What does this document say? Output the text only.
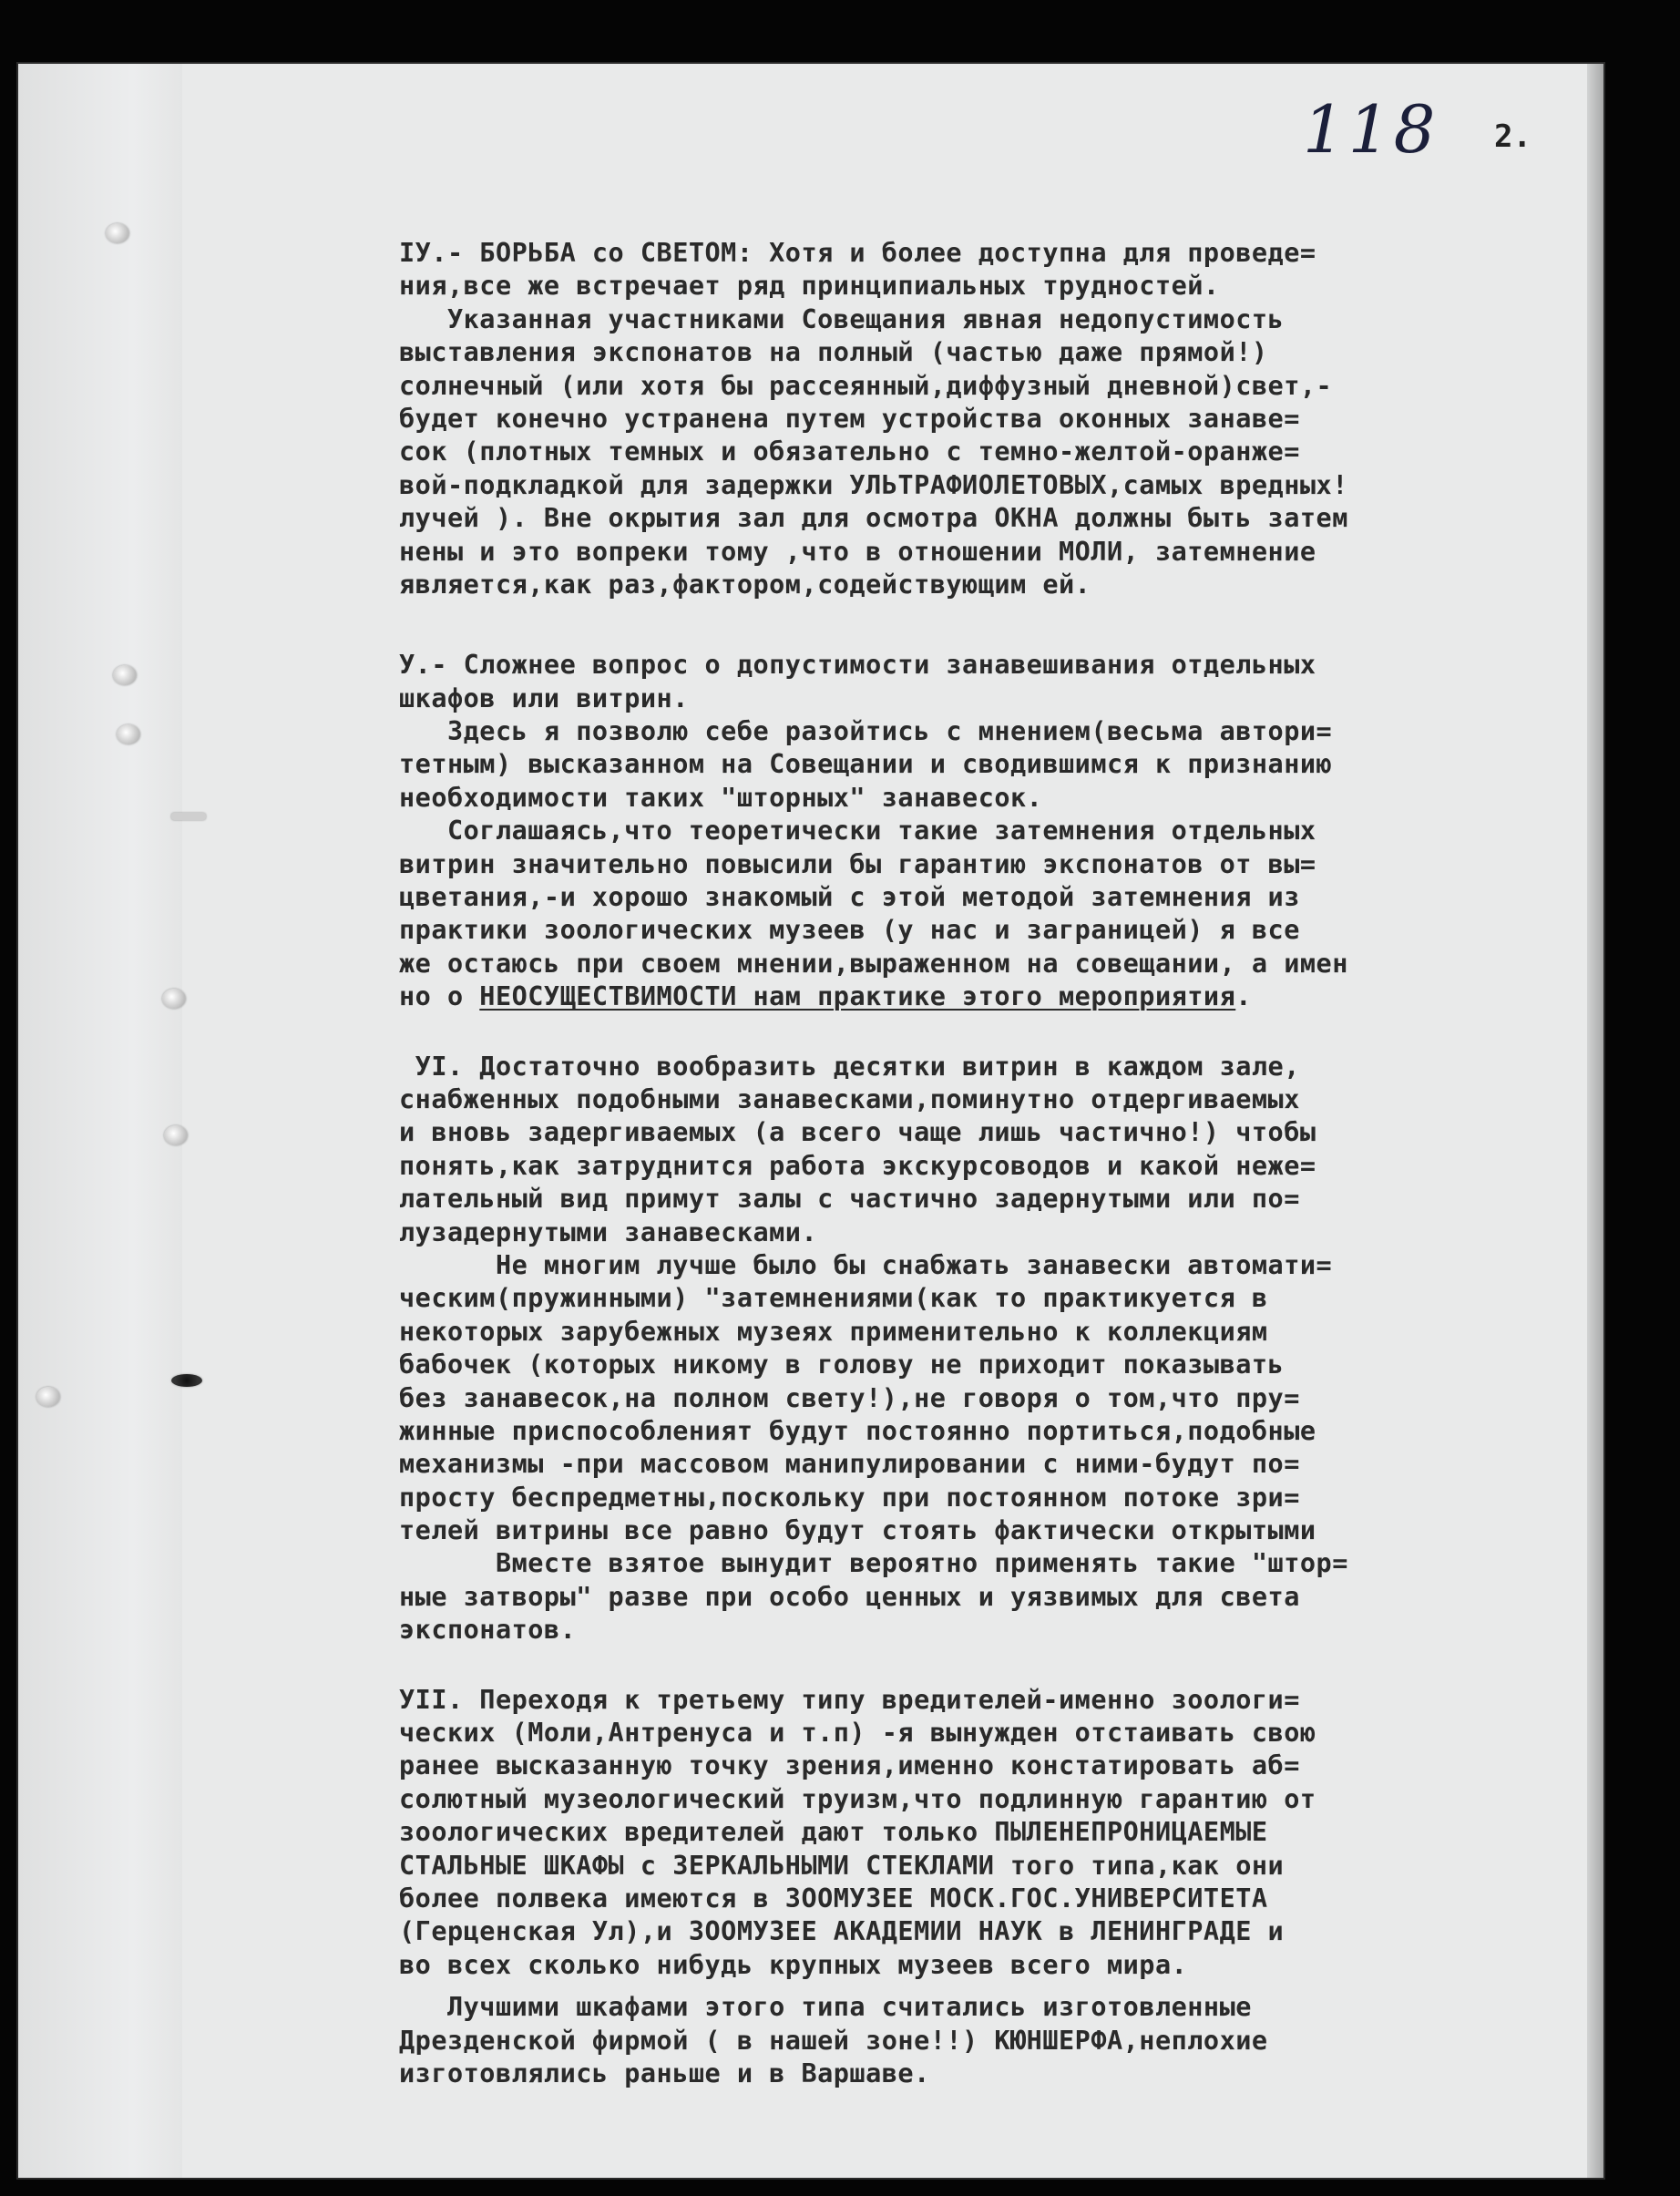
118 2.
IУ.- БОРЬБА со СВЕТОМ: Хотя и более доступна для проведе=
ния,все же встречает ряд принципиальных трудностей.
Указанная участниками Совещания явная недопустимость
выставления экспонатов на полный (частью даже прямой!)
солнечный (или хотя бы рассеянный,диффузный дневной)свет,-
будет конечно устранена путем устройства оконных занаве=
сок (плотных темных и обязательно с темно-желтой-оранже=
вой-подкладкой для задержки УЛЬТРАФИОЛЕТОВЫХ,самых вредных!
лучей ). Вне окрытия зал для осмотра ОКНА должны быть затем
нены и это вопреки тому ,что в отношении МОЛИ, затемнение
является,как раз,фактором,содействующим ей.
У.- Сложнее вопрос о допустимости занавешивания отдельных
шкафов или витрин.
Здесь я позволю себе разойтись с мнением(весьма автори=
тетным) высказанном на Совещании и сводившимся к признанию
необходимости таких "шторных" занавесок.
Соглашаясь,что теоретически такие затемнения отдельных
витрин значительно повысили бы гарантию экспонатов от вы=
цветания,-и хорошо знакомый с этой методой затемнения из
практики зоологических музеев (у нас и заграницей) я все
же остаюсь при своем мнении,выраженном на совещании, а имен
но о НЕОСУЩЕСТВИМОСТИ нам практике этого мероприятия.
УI. Достаточно вообразить десятки витрин в каждом зале,
снабженных подобными занавесками,поминутно отдергиваемых
и вновь задергиваемых (а всего чаще лишь частично!) чтобы
понять,как затруднится работа экскурсоводов и какой неже=
лательный вид примут залы с частично задернутыми или по=
лузадернутыми занавесками.
Не многим лучше было бы снабжать занавески автомати=
ческим(пружинными) "затемнениями(как то практикуется в
некоторых зарубежных музеях применительно к коллекциям
бабочек (которых никому в голову не приходит показывать
без занавесок,на полном свету!),не говоря о том,что пру=
жинные приспособленият будут постоянно портиться,подобные
механизмы -при массовом манипулировании с ними-будут по=
просту беспредметны,поскольку при постоянном потоке зри=
телей витрины все равно будут стоять фактически открытыми
Вместе взятое вынудит вероятно применять такие "штор=
ные затворы" разве при особо ценных и уязвимых для света
экспонатов.
УII. Переходя к третьему типу вредителей-именно зоологи=
ческих (Моли,Антренуса и т.п) -я вынужден отстаивать свою
ранее высказанную точку зрения,именно констатировать аб=
солютный музеологический труизм,что подлинную гарантию от
зоологических вредителей дают только ПЫЛЕНЕПРОНИЦАЕМЫЕ
СТАЛЬНЫЕ ШКАФЫ с ЗЕРКАЛЬНЫМИ СТЕКЛАМИ того типа,как они
более полвека имеются в ЗООМУЗЕЕ МОСК.ГОС.УНИВЕРСИТЕТА
(Герценская Ул),и ЗООМУЗЕЕ АКАДЕМИИ НАУК в ЛЕНИНГРАДЕ и
во всех сколько нибудь крупных музеев всего мира.
Лучшими шкафами этого типа считались изготовленные
Дрезденской фирмой ( в нашей зоне!!) КЮНШЕРФА,неплохие
изготовлялись раньше и в Варшаве.
